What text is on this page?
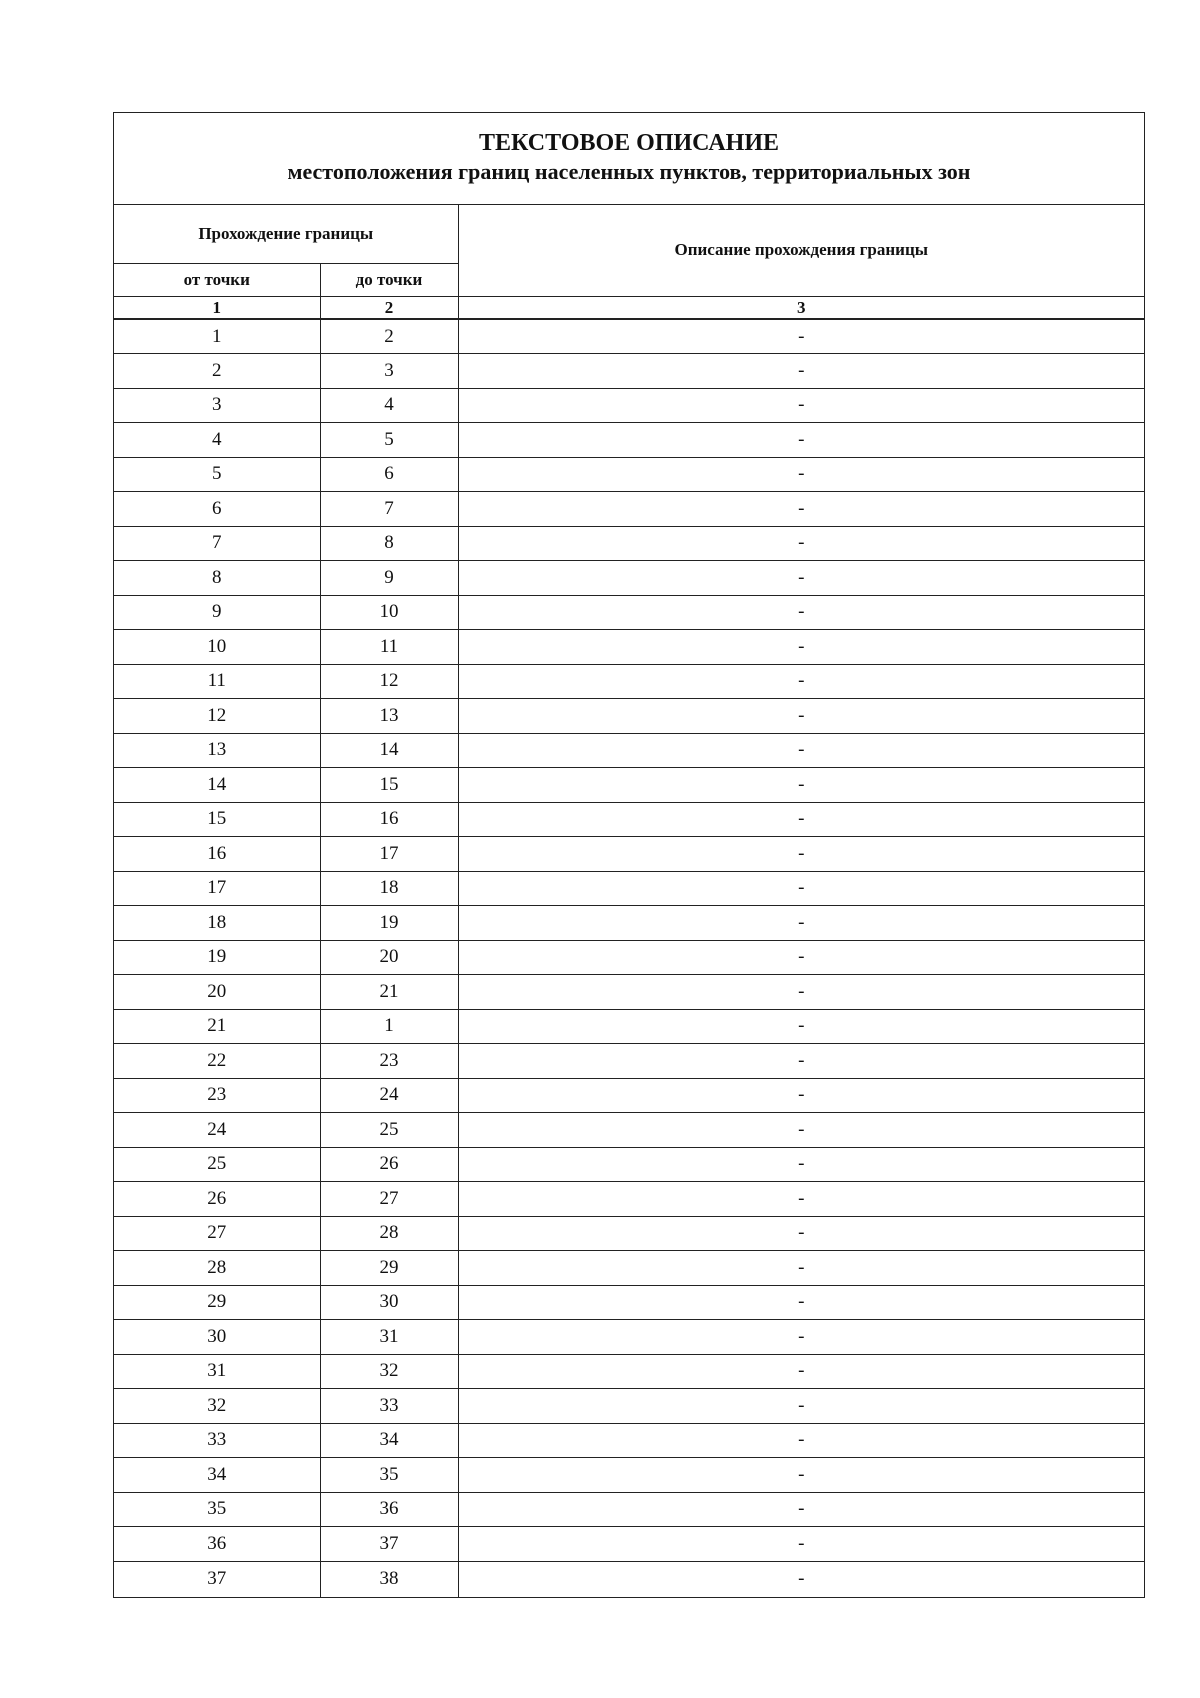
ТЕКСТОВОЕ ОПИСАНИЕ
местоположения границ населенных пунктов, территориальных зон
Прохождение границы		Описание прохождения границы
от точки	до точки	
1	2	3
1	2	-
2	3	-
3	4	-
4	5	-
5	6	-
6	7	-
7	8	-
8	9	-
9	10	-
10	11	-
11	12	-
12	13	-
13	14	-
14	15	-
15	16	-
16	17	-
17	18	-
18	19	-
19	20	-
20	21	-
21	1	-
22	23	-
23	24	-
24	25	-
25	26	-
26	27	-
27	28	-
28	29	-
29	30	-
30	31	-
31	32	-
32	33	-
33	34	-
34	35	-
35	36	-
36	37	-
37	38	-
